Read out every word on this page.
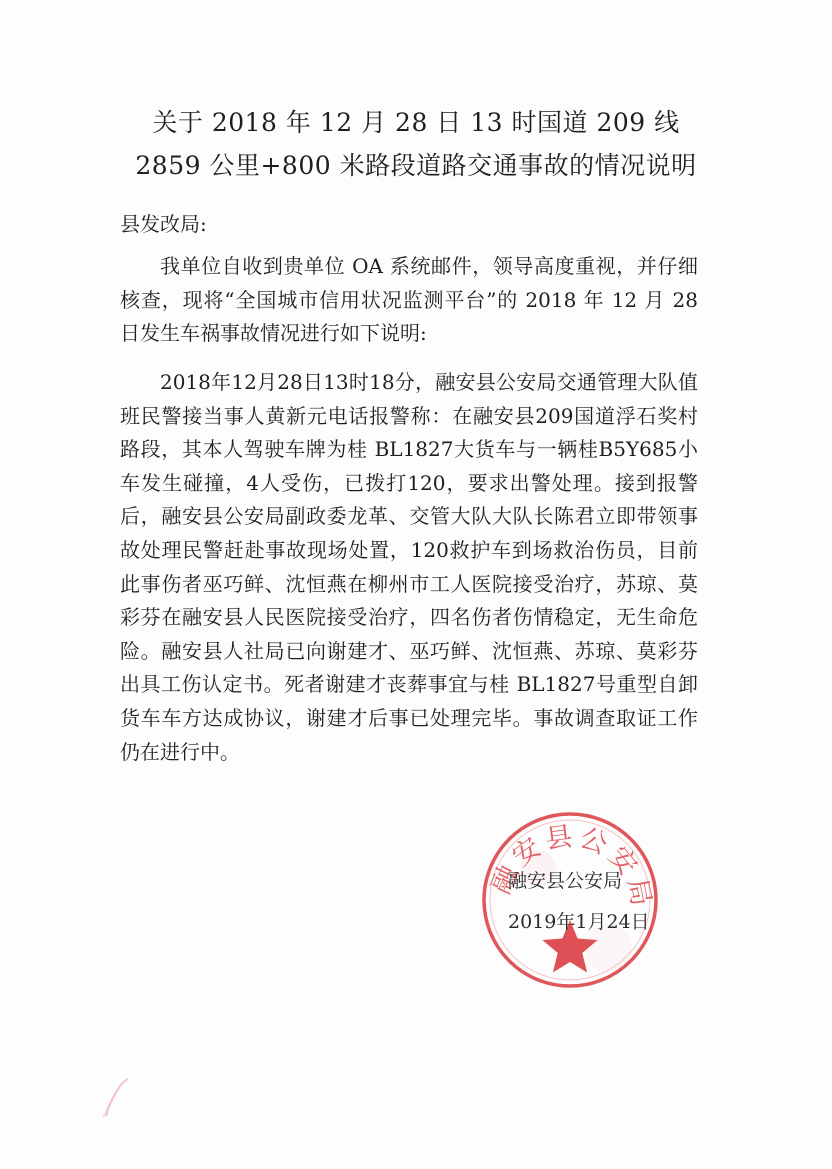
关于 2018 年 12 月 28 日 13 时国道 209 线
2859 公里+800 米路段道路交通事故的情况说明
县发改局:

我单位自收到贵单位 OA 系统邮件，领导高度重视，并仔细核查，现将“全国城市信用状况监测平台”的 2018 年 12 月 28 日发生车祸事故情况进行如下说明:

2018年12月28日13时18分，融安县公安局交通管理大队值班民警接当事人黄新元电话报警称：在融安县209国道浮石奖村路段，其本人驾驶车牌为桂 BL1827大货车与一辆桂B5Y685小车发生碰撞，4人受伤，已拨打120，要求出警处理。接到报警后，融安县公安局副政委龙革、交管大队大队长陈君立即带领事故处理民警赶赴事故现场处置，120救护车到场救治伤员，目前此事伤者巫巧鲜、沈恒燕在柳州市工人医院接受治疗，苏琼、莫彩芬在融安县人民医院接受治疗，四名伤者伤情稳定，无生命危险。融安县人社局已向谢建才、巫巧鲜、沈恒燕、苏琼、莫彩芬出具工伤认定书。死者谢建才丧葬事宜与桂 BL1827号重型自卸货车车方达成协议，谢建才后事已处理完毕。事故调查取证工作仍在进行中。

融安县公安局
融安县公安局
2019年1月24日
